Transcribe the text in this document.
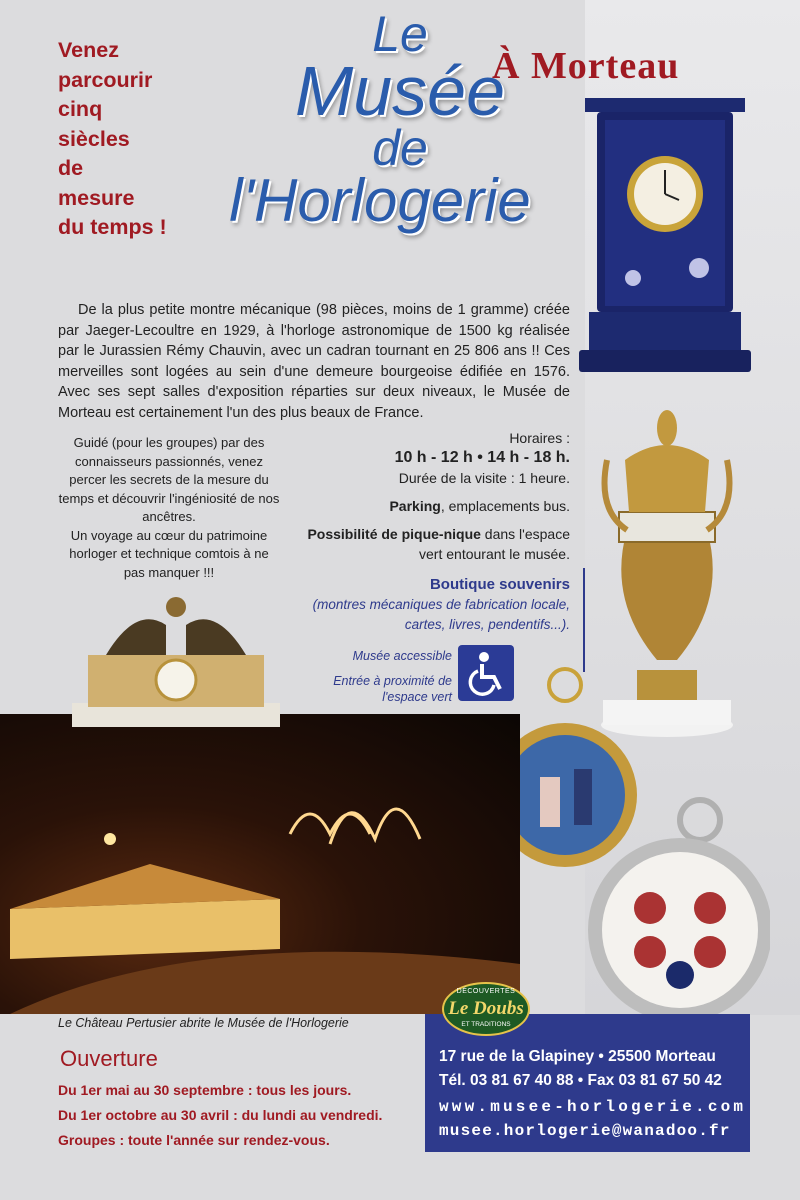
Venez
parcourir
cinq
siècles
de
mesure
du temps !
Le
Musée
de
l'Horlogerie
À Morteau

De la plus petite montre mécanique (98 pièces, moins de 1 gramme) créée par Jaeger-Lecoultre en 1929, à l'horloge astronomique de 1500 kg réalisée par le Jurassien Rémy Chauvin, avec un cadran tournant en 25 806 ans !! Ces merveilles sont logées au sein d'une demeure bourgeoise édifiée en 1576. Avec ses sept salles d'exposition réparties sur deux niveaux, le Musée de Morteau est certainement l'un des plus beaux de France.

Guidé (pour les groupes) par des connaisseurs passionnés, venez percer les secrets de la mesure du temps et découvrir l'ingéniosité de nos ancêtres.

Un voyage au cœur du patrimoine horloger et technique comtois à ne pas manquer !!!

Horaires :

10 h - 12 h • 14 h - 18 h.

Durée de la visite : 1 heure.

Parking, emplacements bus.

Possibilité de pique-nique dans l'espace vert entourant le musée.

Boutique souvenirs
(montres mécaniques de fabrication locale, cartes, livres, pendentifs...).
Musée accessible
Entrée à proximité de l'espace vert
Le Château Pertusier abrite le Musée de l'Horlogerie
Ouverture

Du 1er mai au 30 septembre : tous les jours.

Du 1er octobre au 30 avril : du lundi au vendredi.

Groupes : toute l'année sur rendez-vous.

17 rue de la Glapiney • 25500 Morteau
Tél. 03 81 67 40 88 • Fax 03 81 67 50 42
www.musee-horlogerie.com
musee.horlogerie@wanadoo.fr
DÉCOUVERTES
Le Doubs
ET TRADITIONS
